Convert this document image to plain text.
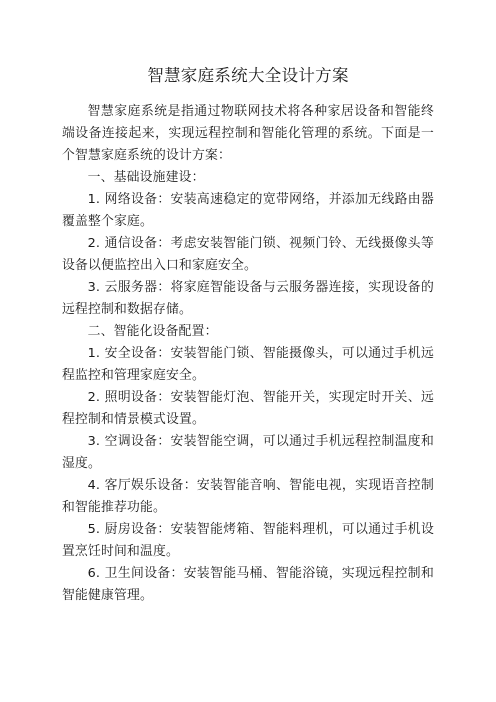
智慧家庭系统大全设计方案

智慧家庭系统是指通过物联网技术将各种家居设备和智能终端设备连接起来，实现远程控制和智能化管理的系统。下面是一个智慧家庭系统的设计方案：

一、基础设施建设：

1. 网络设备：安装高速稳定的宽带网络，并添加无线路由器覆盖整个家庭。

2. 通信设备：考虑安装智能门锁、视频门铃、无线摄像头等设备以便监控出入口和家庭安全。

3. 云服务器：将家庭智能设备与云服务器连接，实现设备的远程控制和数据存储。

二、智能化设备配置：

1. 安全设备：安装智能门锁、智能摄像头，可以通过手机远程监控和管理家庭安全。

2. 照明设备：安装智能灯泡、智能开关，实现定时开关、远程控制和情景模式设置。

3. 空调设备：安装智能空调，可以通过手机远程控制温度和湿度。

4. 客厅娱乐设备：安装智能音响、智能电视，实现语音控制和智能推荐功能。

5. 厨房设备：安装智能烤箱、智能料理机，可以通过手机设置烹饪时间和温度。

6. 卫生间设备：安装智能马桶、智能浴镜，实现远程控制和智能健康管理。
